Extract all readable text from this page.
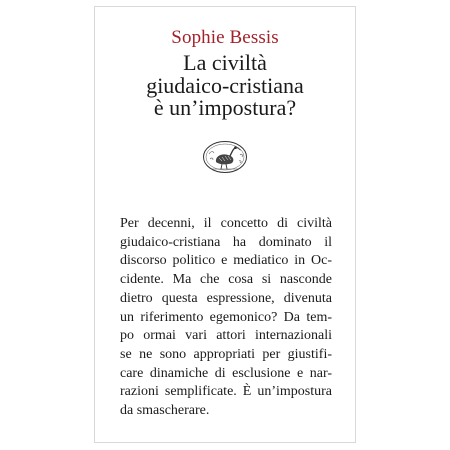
Sophie Bessis
La civiltà
giudaico-cristiana
è un’impostura?
Per decenni, il concetto di civiltà
giudaico-cristiana ha dominato il
discorso politico e mediatico in Oc-
cidente. Ma che cosa si nasconde
dietro questa espressione, divenuta
un riferimento egemonico? Da tem-
po ormai vari attori internazionali
se ne sono appropriati per giustifi-
care dinamiche di esclusione e nar-
razioni semplificate. È un’impostura
da smascherare.
